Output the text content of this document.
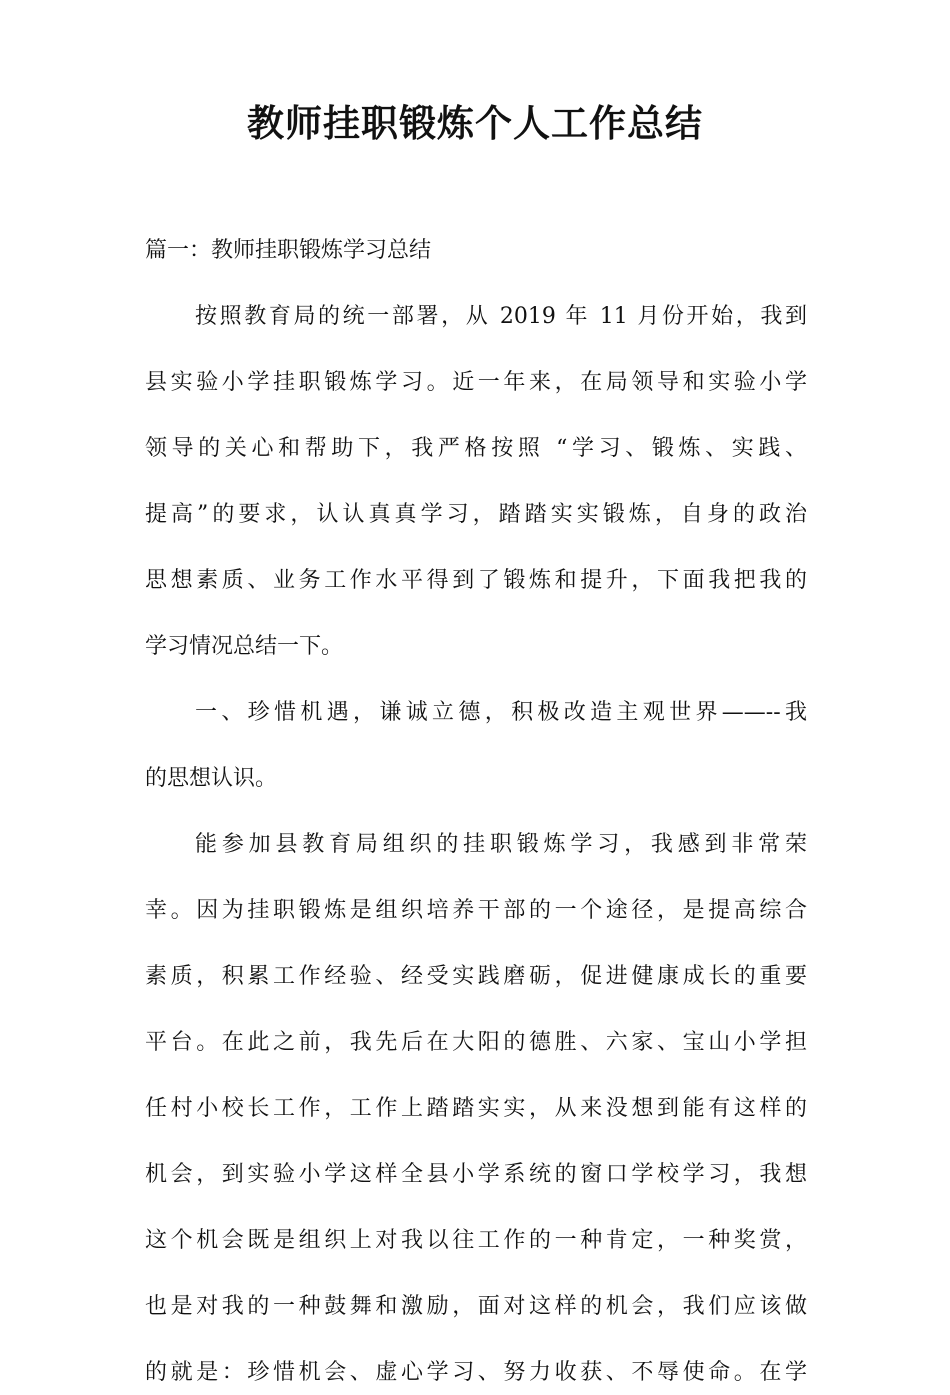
教师挂职锻炼个人工作总结
篇一：教师挂职锻炼学习总结
按照教育局的统一部署，从 2019 年 11 月份开始，我到
县实验小学挂职锻炼学习。近一年来，在局领导和实验小学
领导的关心和帮助下，我严格按照 “学习、锻炼、实践、
提高”的要求，认认真真学习，踏踏实实锻炼，自身的政治
思想素质、业务工作水平得到了锻炼和提升，下面我把我的
学习情况总结一下。
一、珍惜机遇，谦诚立德，积极改造主观世界——--我
的思想认识。
能参加县教育局组织的挂职锻炼学习，我感到非常荣
幸。因为挂职锻炼是组织培养干部的一个途径，是提高综合
素质，积累工作经验、经受实践磨砺，促进健康成长的重要
平台。在此之前，我先后在大阳的德胜、六家、宝山小学担
任村小校长工作，工作上踏踏实实，从来没想到能有这样的
机会，到实验小学这样全县小学系统的窗口学校学习，我想
这个机会既是组织上对我以往工作的一种肯定，一种奖赏，
也是对我的一种鼓舞和激励，面对这样的机会，我们应该做
的就是：珍惜机会、虚心学习、努力收获、不辱使命。在学
